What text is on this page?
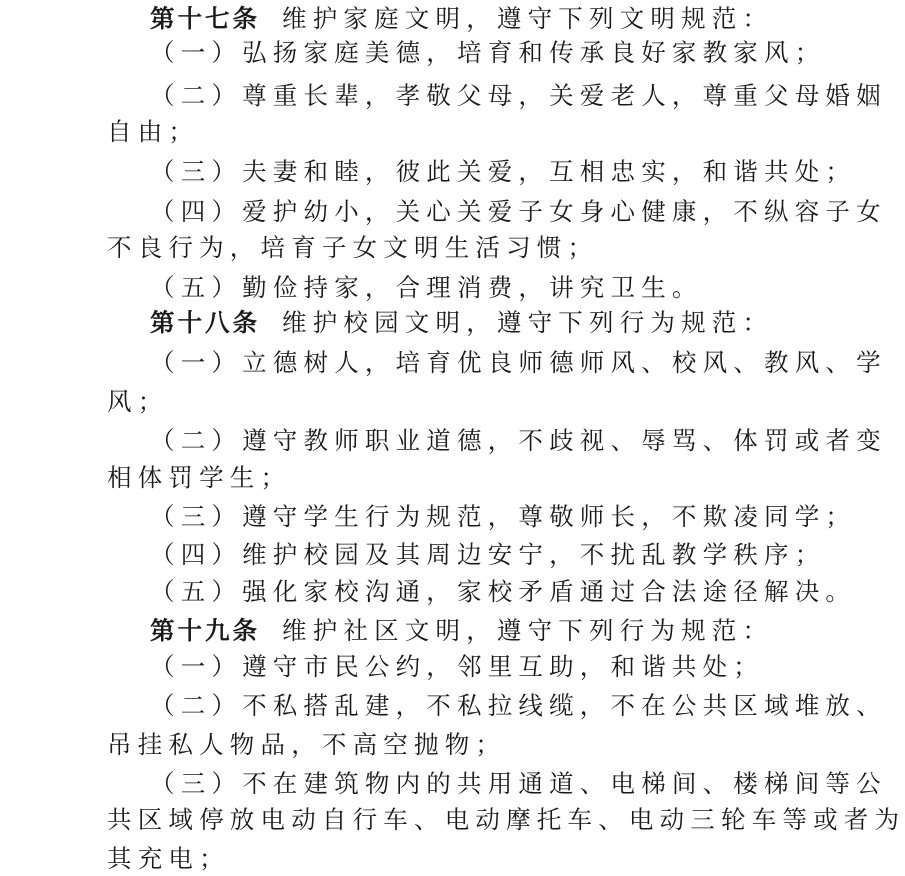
第十七条 维护家庭文明，遵守下列文明规范：
（一）弘扬家庭美德，培育和传承良好家教家风；
（二）尊重长辈，孝敬父母，关爱老人，尊重父母婚姻
自由；
（三）夫妻和睦，彼此关爱，互相忠实，和谐共处；
（四）爱护幼小，关心关爱子女身心健康，不纵容子女
不良行为，培育子女文明生活习惯；
（五）勤俭持家，合理消费，讲究卫生。
第十八条 维护校园文明，遵守下列行为规范：
（一）立德树人，培育优良师德师风、校风、教风、学
风；
（二）遵守教师职业道德，不歧视、辱骂、体罚或者变
相体罚学生；
（三）遵守学生行为规范，尊敬师长，不欺凌同学；
（四）维护校园及其周边安宁，不扰乱教学秩序；
（五）强化家校沟通，家校矛盾通过合法途径解决。
第十九条 维护社区文明，遵守下列行为规范：
（一）遵守市民公约，邻里互助，和谐共处；
（二）不私搭乱建，不私拉线缆，不在公共区域堆放、
吊挂私人物品，不高空抛物；
（三）不在建筑物内的共用通道、电梯间、楼梯间等公
共区域停放电动自行车、电动摩托车、电动三轮车等或者为
其充电；
